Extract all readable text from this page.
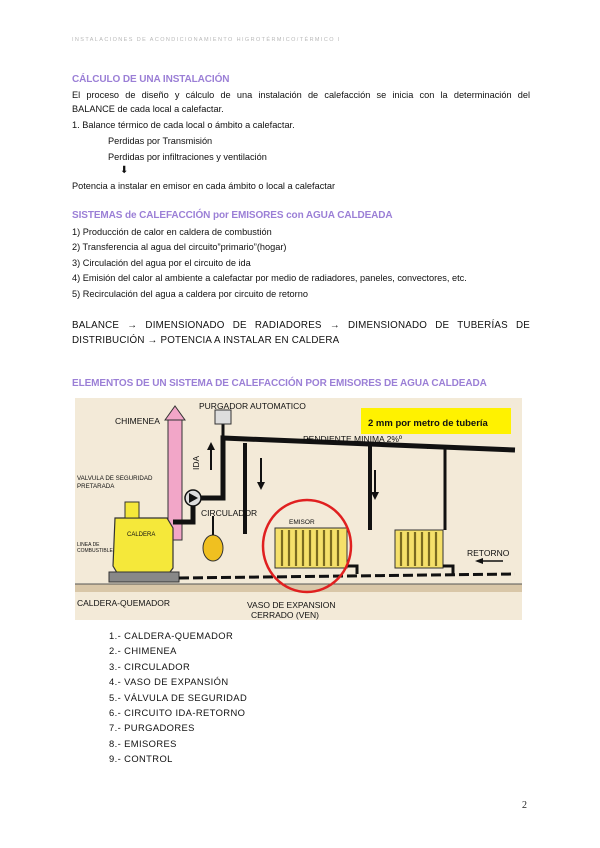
INSTALACIONES DE ACONDICIONAMIENTO HIGROTÉRMICO/TÉRMICO I
CÁLCULO DE UNA INSTALACIÓN
El proceso de diseño y cálculo de una instalación de calefacción se inicia con la determinación del
BALANCE de cada local a calefactar.
1. Balance térmico de cada local o ámbito a calefactar.
Perdidas por Transmisión
Perdidas por infiltraciones y ventilación
⬇
Potencia a instalar en emisor en cada ámbito o local a calefactar
SISTEMAS de CALEFACCIÓN por EMISORES con AGUA CALDEADA
1) Producción de calor en caldera de combustión
2) Transferencia al agua del circuito”primario”(hogar)
3) Circulación del agua por el circuito de ida
4) Emisión del calor al ambiente a calefactar por medio de radiadores, paneles, convectores, etc.
5) Recirculación del agua a caldera por circuito de retorno
BALANCE → DIMENSIONADO DE RADIADORES → DIMENSIONADO DE TUBERÍAS DE
DISTRIBUCIÓN → POTENCIA A INSTALAR EN CALDERA
ELEMENTOS DE UN SISTEMA DE CALEFACCIÓN POR EMISORES DE AGUA CALDEADA
CHIMENEA
PURGADOR AUTOMATICO
2 mm por metro de tubería
PENDIENTE MINIMA 2%º
IDA
VALVULA DE SEGURIDAD
PRETARADA
CIRCULADOR
CALDERA
LINEA DE
COMBUSTIBLE
EMISOR
RETORNO
CALDERA-QUEMADOR	VASO DE EXPANSION
CERRADO (VEN)
1.- CALDERA-QUEMADOR
2.- CHIMENEA
3.- CIRCULADOR
4.- VASO DE EXPANSIÓN
5.- VÁLVULA DE SEGURIDAD
6.- CIRCUITO IDA-RETORNO
7.- PURGADORES
8.- EMISORES
9.- CONTROL
2
